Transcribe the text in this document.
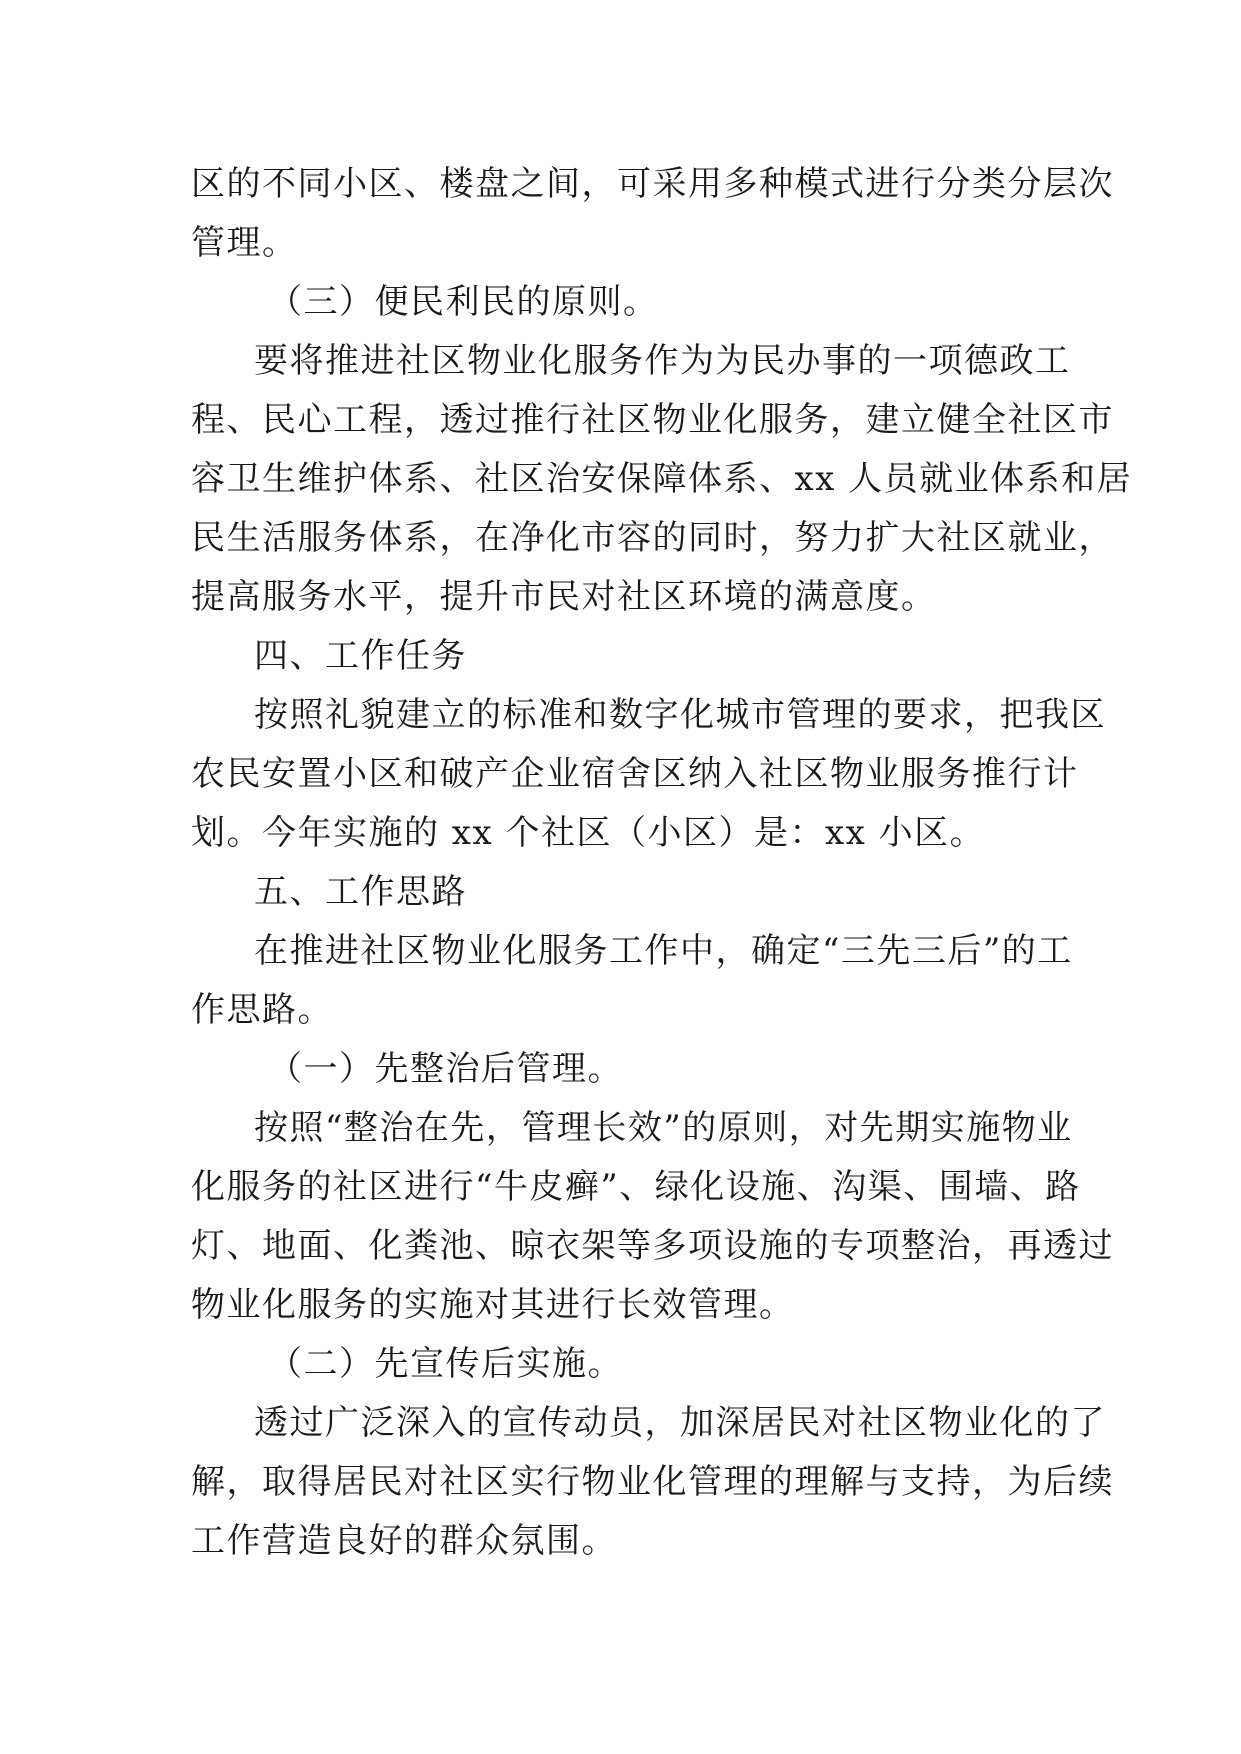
区的不同小区、楼盘之间，可采用多种模式进行分类分层次
管理。
（三）便民利民的原则。
要将推进社区物业化服务作为为民办事的一项德政工
程、民心工程，透过推行社区物业化服务，建立健全社区市
容卫生维护体系、社区治安保障体系、xx 人员就业体系和居
民生活服务体系，在净化市容的同时，努力扩大社区就业，
提高服务水平，提升市民对社区环境的满意度。
四、工作任务
按照礼貌建立的标准和数字化城市管理的要求，把我区
农民安置小区和破产企业宿舍区纳入社区物业服务推行计
划。今年实施的 xx 个社区（小区）是：xx 小区。
五、工作思路
在推进社区物业化服务工作中，确定“三先三后”的工
作思路。
（一）先整治后管理。
按照“整治在先，管理长效”的原则，对先期实施物业
化服务的社区进行“牛皮癣”、绿化设施、沟渠、围墙、路
灯、地面、化粪池、晾衣架等多项设施的专项整治，再透过
物业化服务的实施对其进行长效管理。
（二）先宣传后实施。
透过广泛深入的宣传动员，加深居民对社区物业化的了
解，取得居民对社区实行物业化管理的理解与支持，为后续
工作营造良好的群众氛围。
